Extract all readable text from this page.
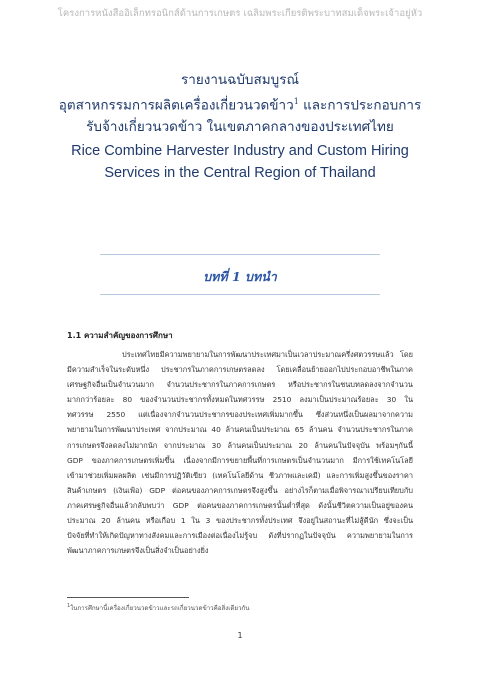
โครงการหนังสืออิเล็กทรอนิกส์ด้านการเกษตร เฉลิมพระเกียรติพระบาทสมเด็จพระเจ้าอยู่หัว

รายงานฉบับสมบูรณ์

อุตสาหกรรมการผลิตเครื่องเกี่ยวนวดข้าว$^1$ และการประกอบการ

รับจ้างเกี่ยวนวดข้าว ในเขตภาคกลางของประเทศไทย

Rice Combine Harvester Industry and Custom Hiring

Services in the Central Region of Thailand

บทที่ 1 บทนำ
1.1 ความสำคัญของการศึกษา
ประเทศไทยมีความพยายามในการพัฒนาประเทศมาเป็นเวลาประมาณครึ่งศตวรรษแล้ว โดย
มีความสำเร็จในระดับหนึ่ง ประชากรในภาคการเกษตรลดลง โดยเคลื่อนย้ายออกไปประกอบอาชีพในภาค
เศรษฐกิจอื่นเป็นจำนวนมาก จำนวนประชากรในภาคการเกษตร หรือประชากรในชนบทลดลงจากจำนวน
มากกว่าร้อยละ 80 ของจำนวนประชากรทั้งหมดในทศวรรษ 2510 ลงมาเป็นประมาณร้อยละ 30 ใน
ทศวรรษ 2550 แต่เนื่องจากจำนวนประชากรของประเทศเพิ่มมากขึ้น ซึ่งส่วนหนึ่งเป็นผลมาจากความ
พยายามในการพัฒนาประเทศ จากประมาณ 40 ล้านคนเป็นประมาณ 65 ล้านคน จำนวนประชากรในภาค
การเกษตรจึงลดลงไม่มากนัก จากประมาณ 30 ล้านคนเป็นประมาณ 20 ล้านคนในปัจจุบัน พร้อมๆกันนี้
GDP ของภาคการเกษตรเพิ่มขึ้น เนื่องจากมีการขยายพื้นที่การเกษตรเป็นจำนวนมาก มีการใช้เทคโนโลยี
เข้ามาช่วยเพิ่มผลผลิต เช่นมีการปฏิวัติเขียว (เทคโนโลยีด้าน ชีวภาพและเคมี) และการเพิ่มสูงขึ้นของราคา
สินค้าเกษตร (เงินเฟ้อ) GDP ต่อคนของภาคการเกษตรจึงสูงขึ้น อย่างไรก็ตามเมื่อพิจารณาเปรียบเทียบกับ
ภาคเศรษฐกิจอื่นแล้วกลับพบว่า GDP ต่อคนของภาคการเกษตรนั้นต่ำที่สุด ดังนั้นชีวิตความเป็นอยู่ของคน
ประมาณ 20 ล้านคน หรือเกือบ 1 ใน 3 ของประชากรทั้งประเทศ จึงอยู่ในสถานะที่ไม่สู้ดีนัก ซึ่งจะเป็น
ปัจจัยที่ทำให้เกิดปัญหาทางสังคมและการเมืองต่อเนื่องไม่รู้จบ ดังที่ปรากฏในปัจจุบัน ความพยายามในการ
พัฒนาภาคการเกษตรจึงเป็นสิ่งจำเป็นอย่างยิ่ง
$^1$ในการศึกษานี้เครื่องเกี่ยวนวดข้าวและรถเกี่ยวนวดข้าวคือสิ่งเดียวกัน
1
